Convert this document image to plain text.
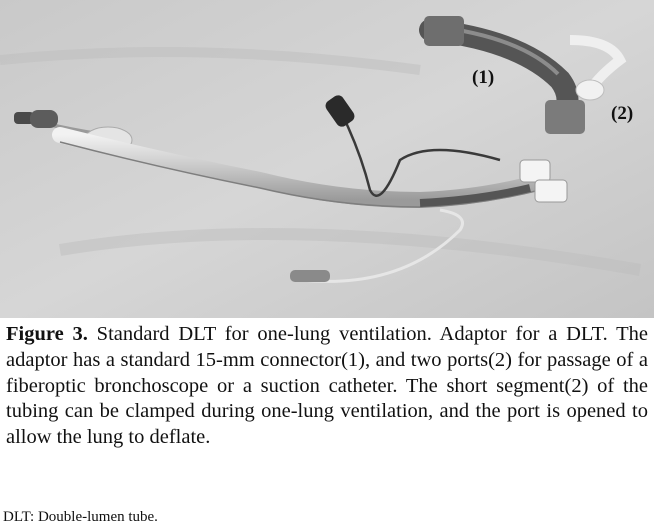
(1)
(2)

Figure 3. Standard DLT for one-lung ventilation. Adaptor for a DLT. The adaptor has a standard 15-mm connector(1), and two ports(2) for passage of a fiberoptic bronchoscope or a suction catheter. The short segment(2) of the tubing can be clamped during one-lung ventilation, and the port is opened to allow the lung to deflate.

DLT: Double-lumen tube.
